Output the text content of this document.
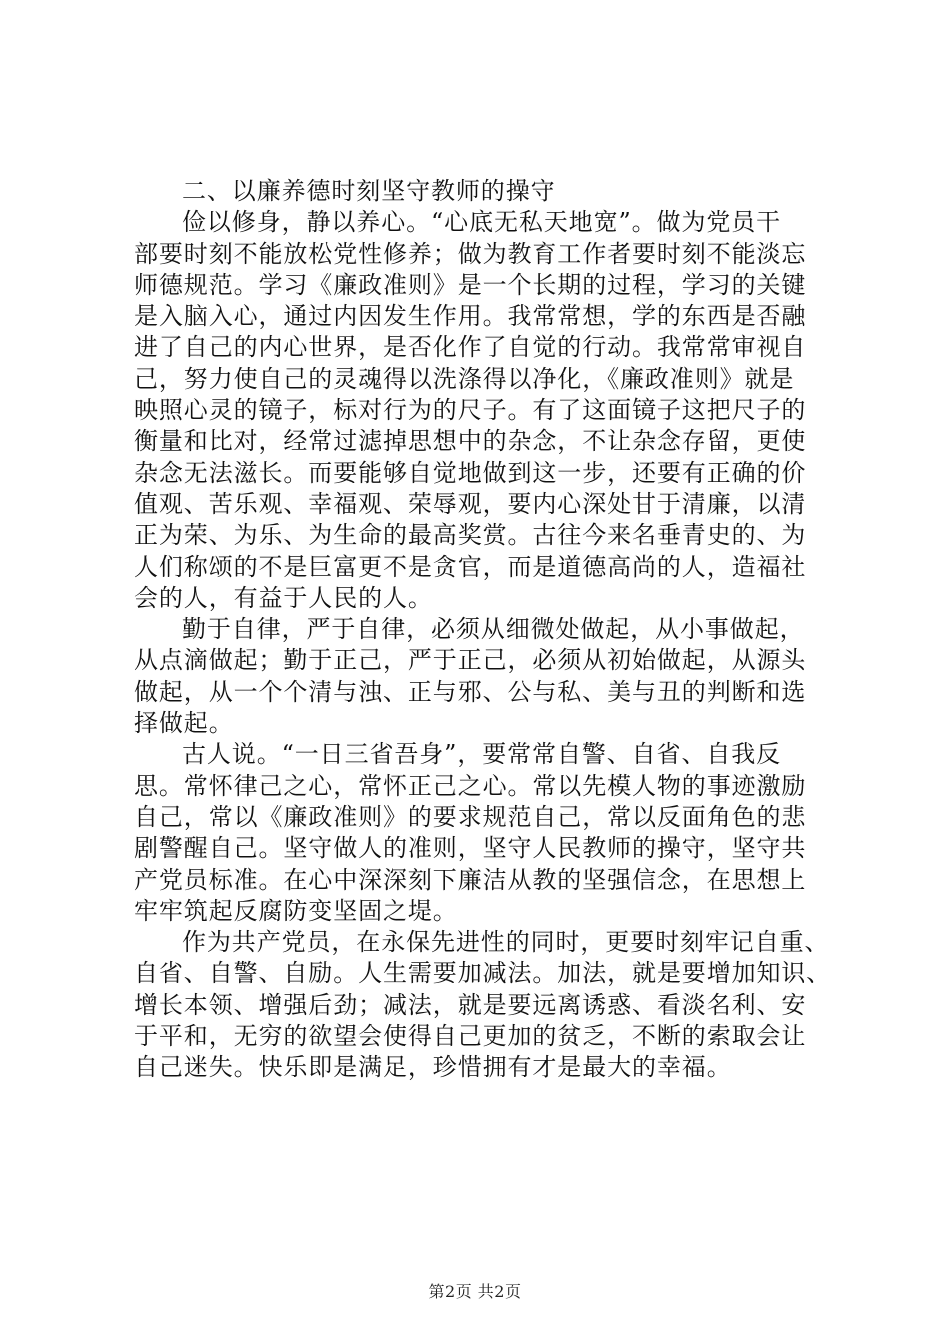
二、以廉养德时刻坚守教师的操守
俭以修身，静以养心。“心底无私天地宽”。做为党员干
部要时刻不能放松党性修养；做为教育工作者要时刻不能淡忘
师德规范。学习《廉政准则》是一个长期的过程，学习的关键
是入脑入心，通过内因发生作用。我常常想，学的东西是否融
进了自己的内心世界，是否化作了自觉的行动。我常常审视自
己，努力使自己的灵魂得以洗涤得以净化，《廉政准则》就是
映照心灵的镜子，标对行为的尺子。有了这面镜子这把尺子的
衡量和比对，经常过滤掉思想中的杂念，不让杂念存留，更使
杂念无法滋长。而要能够自觉地做到这一步，还要有正确的价
值观、苦乐观、幸福观、荣辱观，要内心深处甘于清廉，以清
正为荣、为乐、为生命的最高奖赏。古往今来名垂青史的、为
人们称颂的不是巨富更不是贪官，而是道德高尚的人，造福社
会的人，有益于人民的人。
勤于自律，严于自律，必须从细微处做起，从小事做起，
从点滴做起；勤于正己，严于正己，必须从初始做起，从源头
做起，从一个个清与浊、正与邪、公与私、美与丑的判断和选
择做起。
古人说。“一日三省吾身”，要常常自警、自省、自我反
思。常怀律己之心，常怀正己之心。常以先模人物的事迹激励
自己，常以《廉政准则》的要求规范自己，常以反面角色的悲
剧警醒自己。坚守做人的准则，坚守人民教师的操守，坚守共
产党员标准。在心中深深刻下廉洁从教的坚强信念，在思想上
牢牢筑起反腐防变坚固之堤。
作为共产党员，在永保先进性的同时，更要时刻牢记自重、
自省、自警、自励。人生需要加减法。加法，就是要增加知识、
增长本领、增强后劲；减法，就是要远离诱惑、看淡名利、安
于平和，无穷的欲望会使得自己更加的贫乏，不断的索取会让
自己迷失。快乐即是满足，珍惜拥有才是最大的幸福。
第2页 共2页
